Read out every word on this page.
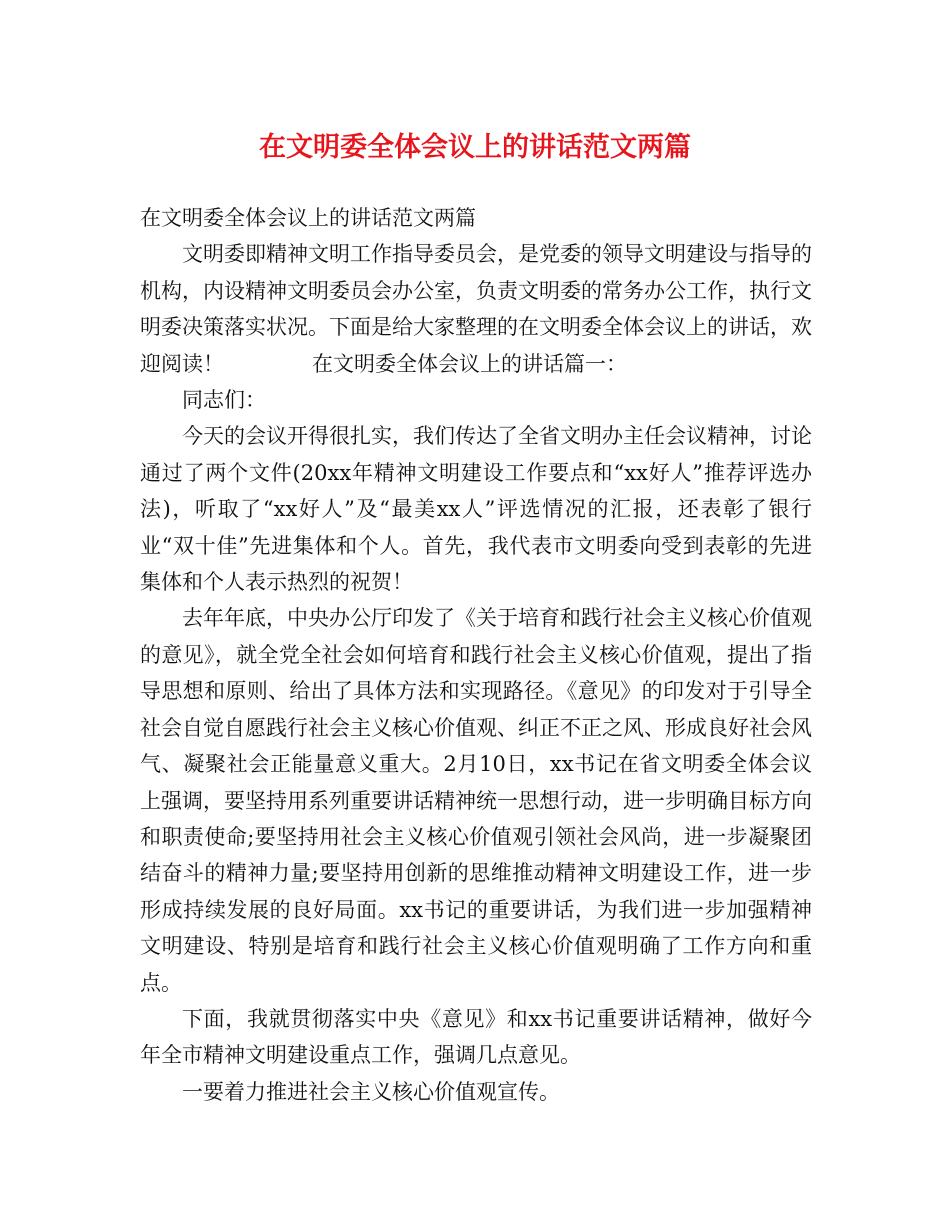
在文明委全体会议上的讲话范文两篇

在文明委全体会议上的讲话范文两篇

文明委即精神文明工作指导委员会，是党委的领导文明建设与指导的机构，内设精神文明委员会办公室，负责文明委的常务办公工作，执行文明委决策落实状况。下面是给大家整理的在文明委全体会议上的讲话，欢迎阅读！	在文明委全体会议上的讲话篇一：

同志们：

今天的会议开得很扎实，我们传达了全省文明办主任会议精神，讨论通过了两个文件(20xx年精神文明建设工作要点和“xx好人”推荐评选办法)，听取了“xx好人”及“最美xx人”评选情况的汇报，还表彰了银行业“双十佳”先进集体和个人。首先，我代表市文明委向受到表彰的先进集体和个人表示热烈的祝贺！

去年年底，中央办公厅印发了《关于培育和践行社会主义核心价值观的意见》，就全党全社会如何培育和践行社会主义核心价值观，提出了指导思想和原则、给出了具体方法和实现路径。《意见》的印发对于引导全社会自觉自愿践行社会主义核心价值观、纠正不正之风、形成良好社会风气、凝聚社会正能量意义重大。2月10日，xx书记在省文明委全体会议上强调，要坚持用系列重要讲话精神统一思想行动，进一步明确目标方向和职责使命;要坚持用社会主义核心价值观引领社会风尚，进一步凝聚团结奋斗的精神力量;要坚持用创新的思维推动精神文明建设工作，进一步形成持续发展的良好局面。xx书记的重要讲话，为我们进一步加强精神文明建设、特别是培育和践行社会主义核心价值观明确了工作方向和重点。

下面，我就贯彻落实中央《意见》和xx书记重要讲话精神，做好今年全市精神文明建设重点工作，强调几点意见。

一要着力推进社会主义核心价值观宣传。
